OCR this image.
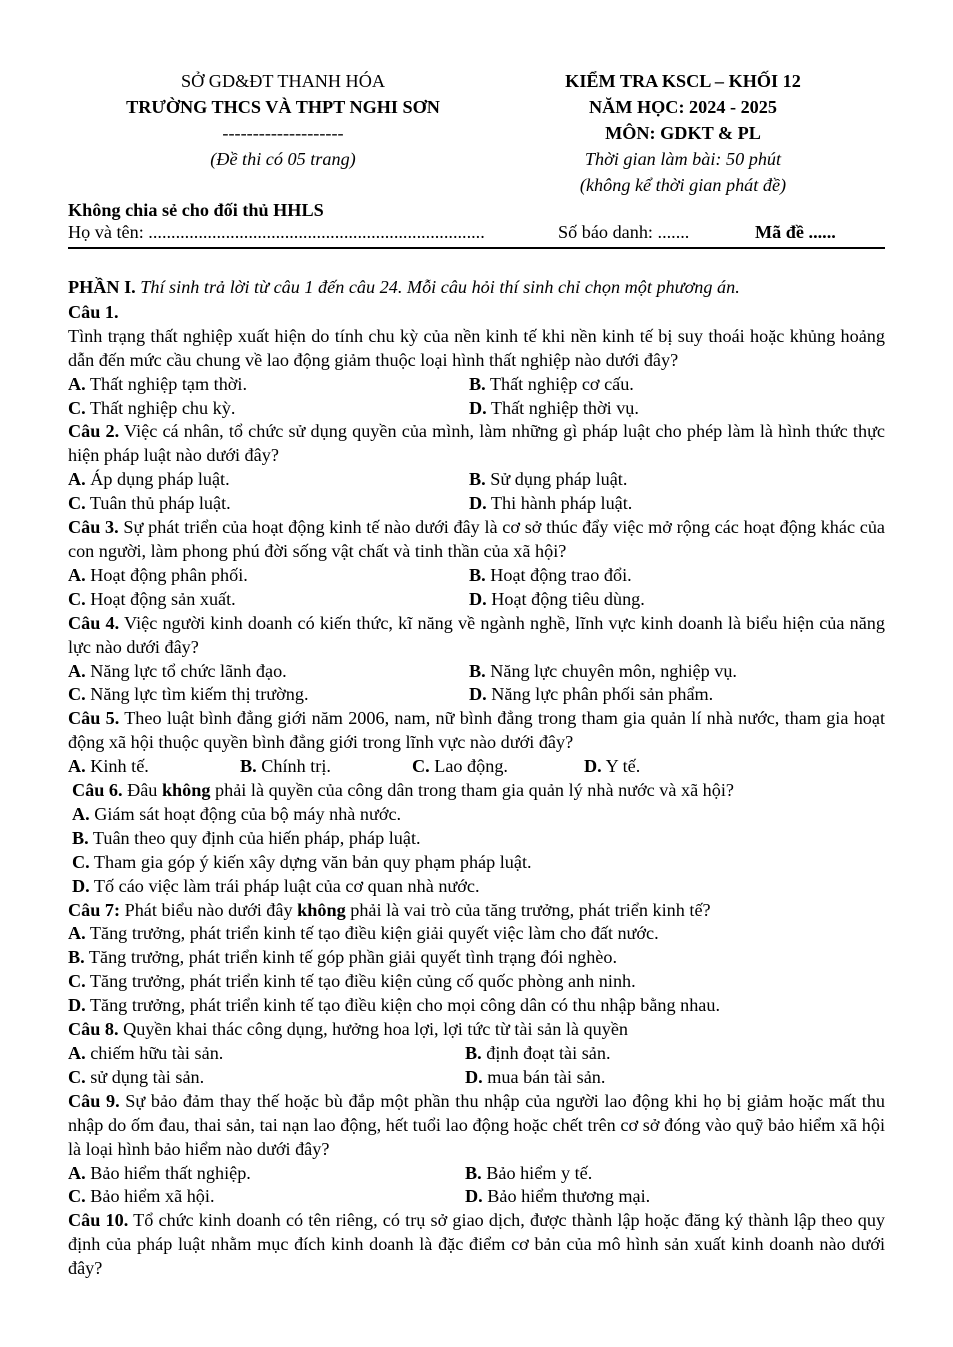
SỞ GD&ĐT THANH HÓA
TRƯỜNG THCS VÀ THPT NGHI SƠN
--------------------
(Đề thi có 05 trang)
KIỂM TRA KSCL – KHỐI 12
NĂM HỌC: 2024 - 2025
MÔN: GDKT & PL
Thời gian làm bài: 50 phút
(không kể thời gian phát đề)
Không chia sẻ cho đối thủ HHLS
Họ và tên: ..........................................................................	Số báo danh: .......	Mã đề ......

PHẦN I. Thí sinh trả lời từ câu 1 đến câu 24. Mỗi câu hỏi thí sinh chỉ chọn một phương án.

Câu 1.

Tình trạng thất nghiệp xuất hiện do tính chu kỳ của nền kinh tế khi nền kinh tế bị suy thoái hoặc khủng hoảng dẫn đến mức cầu chung về lao động giảm thuộc loại hình thất nghiệp nào dưới đây?

A. Thất nghiệp tạm thời.	B. Thất nghiệp cơ cấu.
C. Thất nghiệp chu kỳ.	D. Thất nghiệp thời vụ.

Câu 2. Việc cá nhân, tổ chức sử dụng quyền của mình, làm những gì pháp luật cho phép làm là hình thức thực hiện pháp luật nào dưới đây?

A. Áp dụng pháp luật.	B. Sử dụng pháp luật.
C. Tuân thủ pháp luật.	D. Thi hành pháp luật.

Câu 3. Sự phát triển của hoạt động kinh tế nào dưới đây là cơ sở thúc đẩy việc mở rộng các hoạt động khác của con người, làm phong phú đời sống vật chất và tinh thần của xã hội?

A. Hoạt động phân phối.	B. Hoạt động trao đổi.
C. Hoạt động sản xuất.	D. Hoạt động tiêu dùng.

Câu 4. Việc người kinh doanh có kiến thức, kĩ năng về ngành nghề, lĩnh vực kinh doanh là biểu hiện của năng lực nào dưới đây?

A. Năng lực tổ chức lãnh đạo.	B. Năng lực chuyên môn, nghiệp vụ.
C. Năng lực tìm kiếm thị trường.	D. Năng lực phân phối sản phẩm.

Câu 5. Theo luật bình đẳng giới năm 2006, nam, nữ bình đẳng trong tham gia quản lí nhà nước, tham gia hoạt động xã hội thuộc quyền bình đẳng giới trong lĩnh vực nào dưới đây?

A. Kinh tế.	B. Chính trị.	C. Lao động.	D. Y tế.

Câu 6. Đâu không phải là quyền của công dân trong tham gia quản lý nhà nước và xã hội?

A. Giám sát hoạt động của bộ máy nhà nước.
B. Tuân theo quy định của hiến pháp, pháp luật.
C. Tham gia góp ý kiến xây dựng văn bản quy phạm pháp luật.
D. Tố cáo việc làm trái pháp luật của cơ quan nhà nước.

Câu 7: Phát biểu nào dưới đây không phải là vai trò của tăng trưởng, phát triển kinh tế?

A. Tăng trưởng, phát triển kinh tế tạo điều kiện giải quyết việc làm cho đất nước.
B. Tăng trưởng, phát triển kinh tế góp phần giải quyết tình trạng đói nghèo.
C. Tăng trưởng, phát triển kinh tế tạo điều kiện củng cố quốc phòng anh ninh.
D. Tăng trưởng, phát triển kinh tế tạo điều kiện cho mọi công dân có thu nhập bằng nhau.

Câu 8. Quyền khai thác công dụng, hưởng hoa lợi, lợi tức từ tài sản là quyền

A. chiếm hữu tài sản.	B. định đoạt tài sản.
C. sử dụng tài sản.	D. mua bán tài sản.

Câu 9. Sự bảo đảm thay thế hoặc bù đắp một phần thu nhập của người lao động khi họ bị giảm hoặc mất thu nhập do ốm đau, thai sản, tai nạn lao động, hết tuổi lao động hoặc chết trên cơ sở đóng vào quỹ bảo hiểm xã hội là loại hình bảo hiểm nào dưới đây?

A. Bảo hiểm thất nghiệp.	B. Bảo hiểm y tế.
C. Bảo hiểm xã hội.	D. Bảo hiểm thương mại.

Câu 10. Tổ chức kinh doanh có tên riêng, có trụ sở giao dịch, được thành lập hoặc đăng ký thành lập theo quy định của pháp luật nhằm mục đích kinh doanh là đặc điểm cơ bản của mô hình sản xuất kinh doanh nào dưới đây?
